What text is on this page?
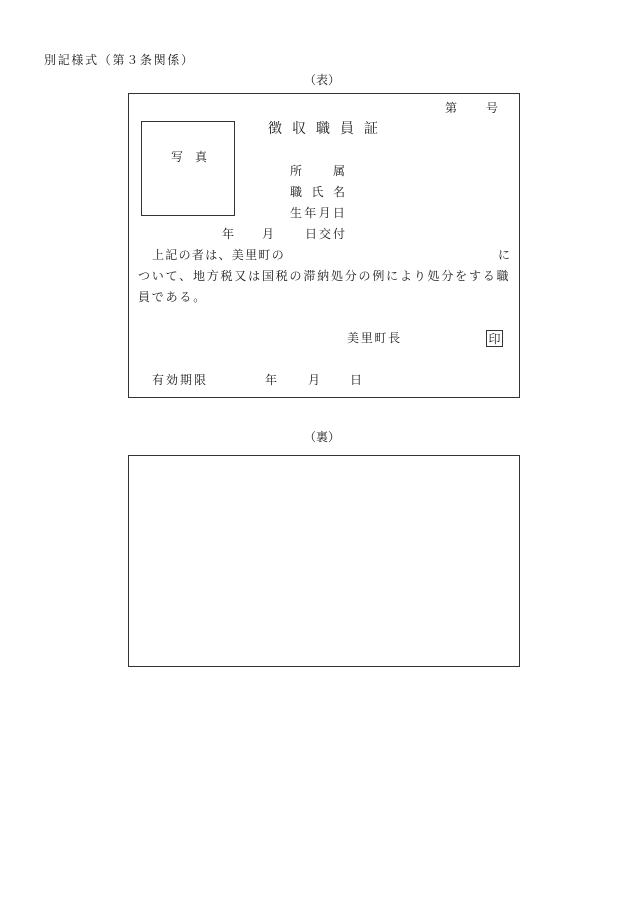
別記様式（第３条関係）
（表）
第 号
徴収職員証
写真
所属
職氏名
生年月日
年 月	日交付
上記の者は、美里町の	に
ついて、地方税又は国税の滞納処分の例により処分をする職
員である。
美里町長	印
有効期限	年	月 日
（裏）
